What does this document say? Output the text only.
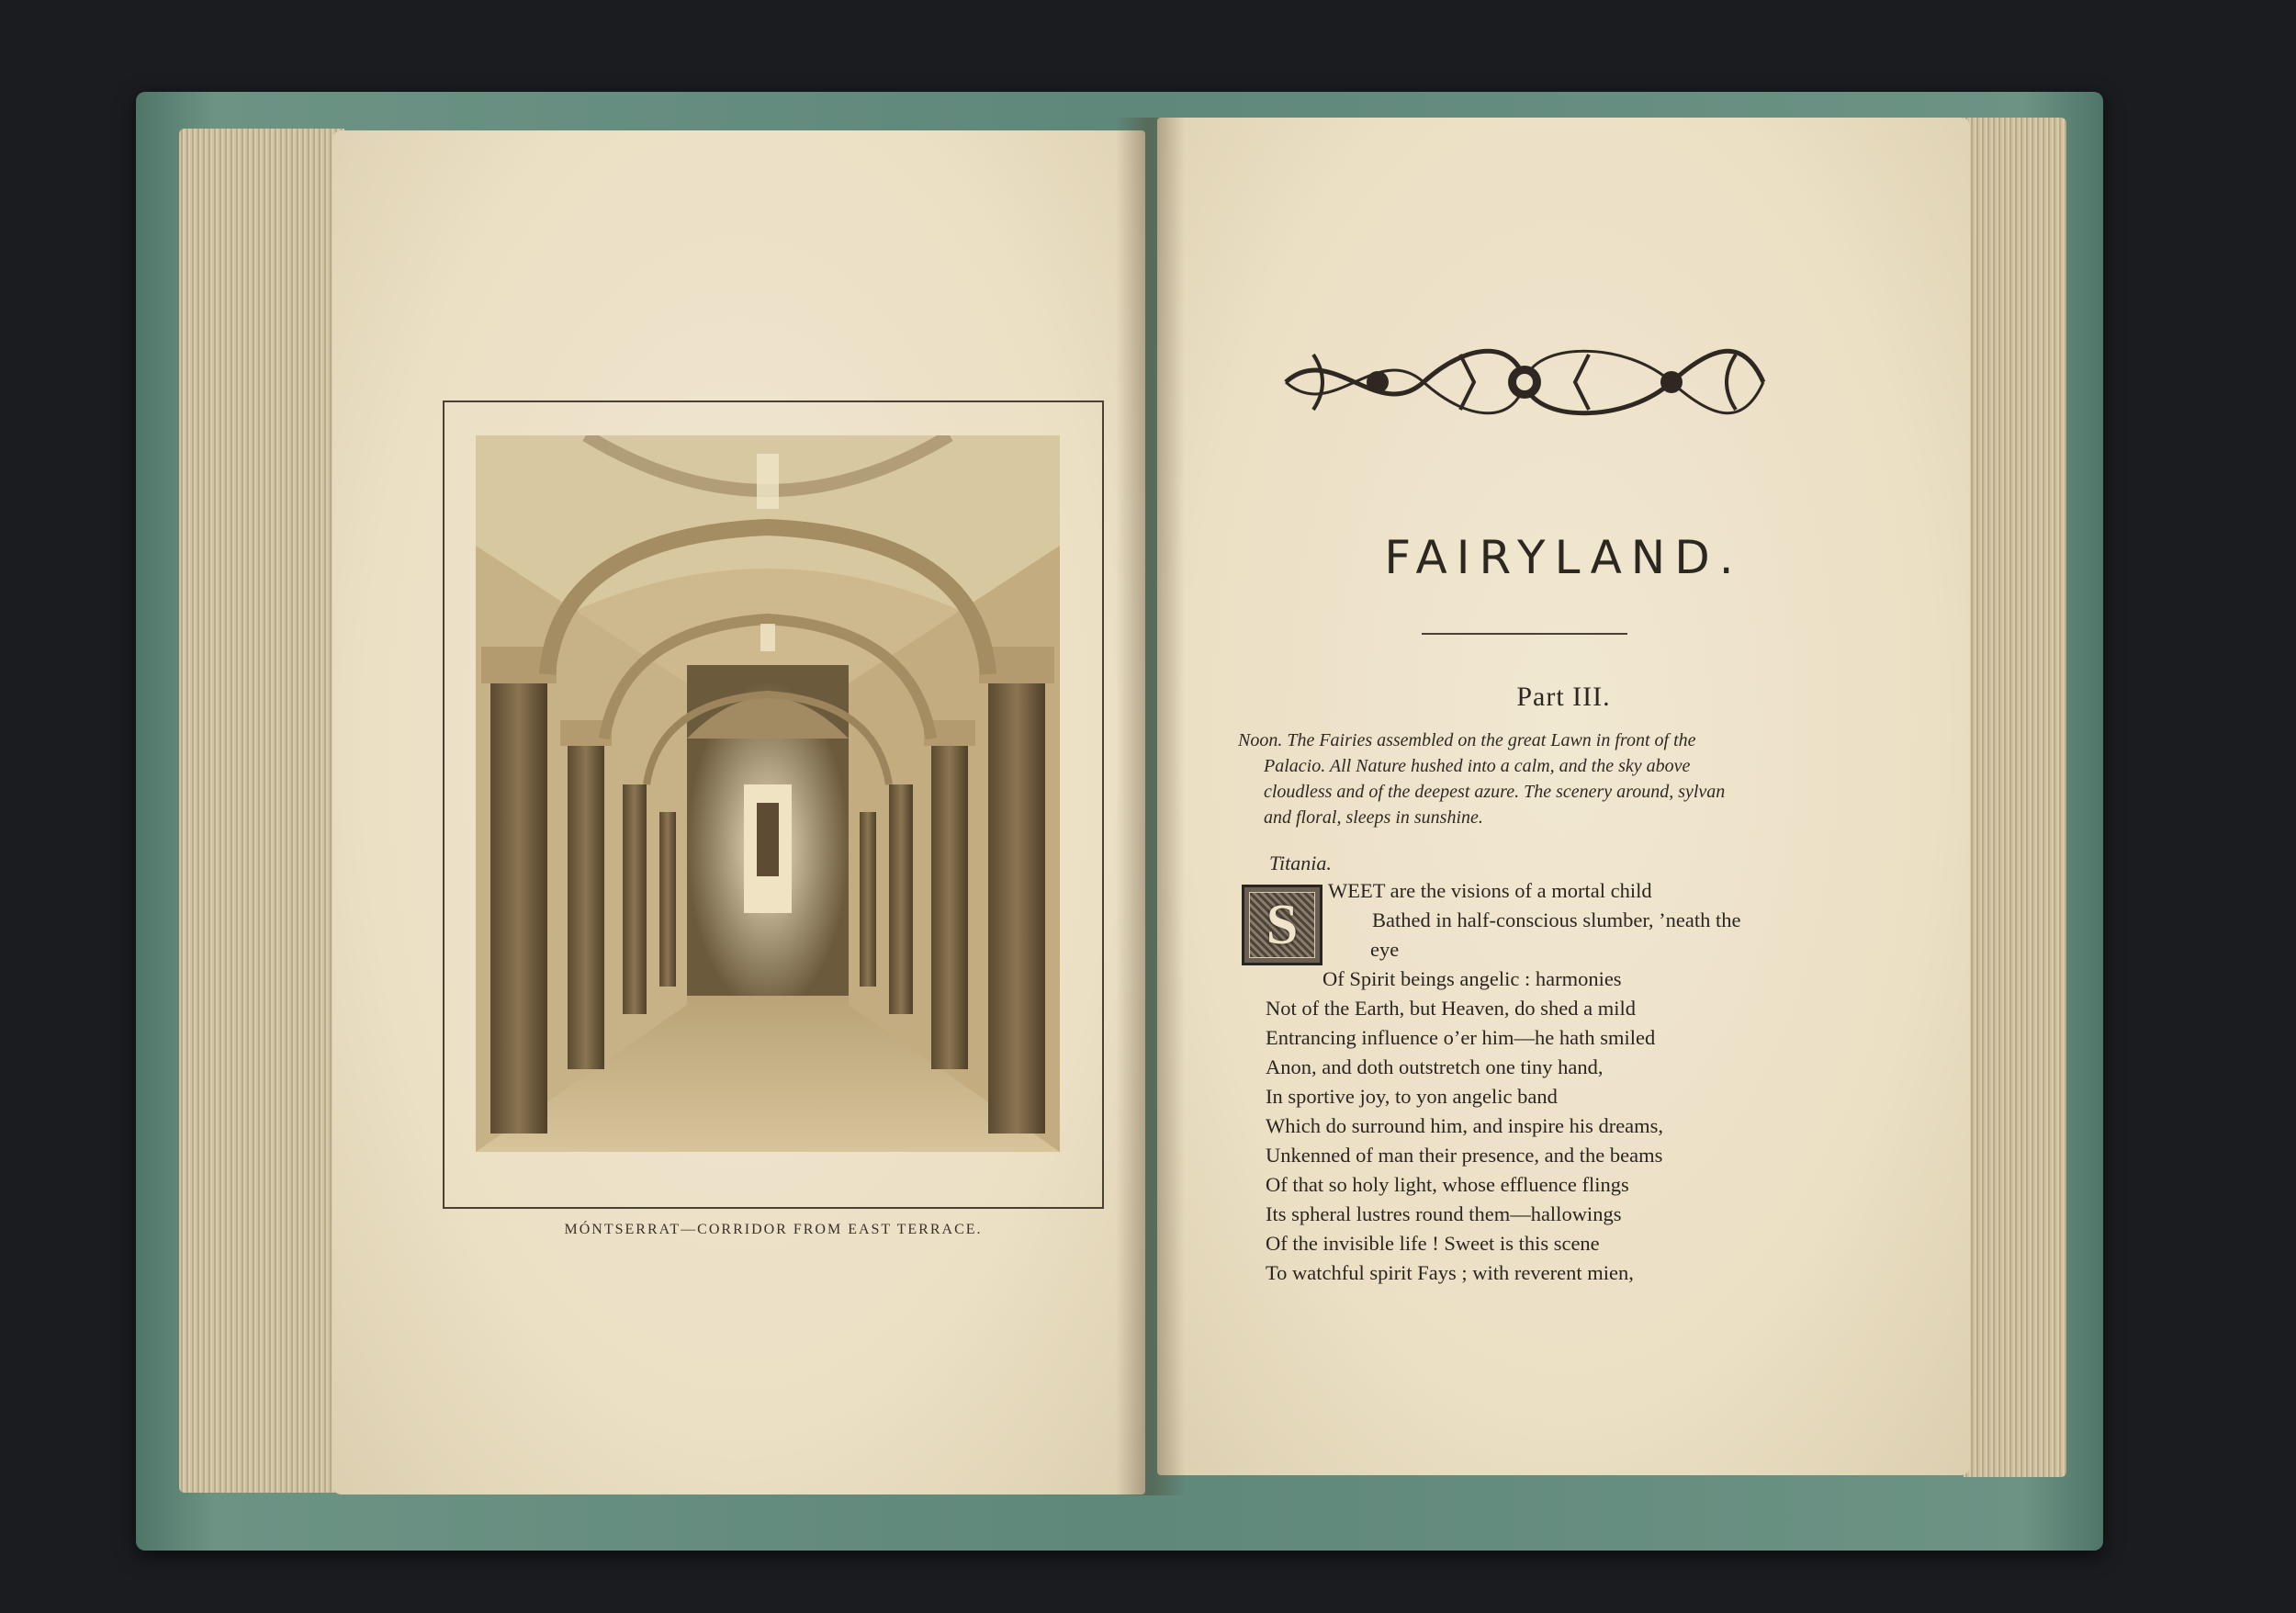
MÓNTSERRAT—CORRIDOR FROM EAST TERRACE.
FAIRYLAND.
Part III.
Noon. The Fairies assembled on the great Lawn in front of the
Palacio. All Nature hushed into a calm, and the sky above
cloudless and of the deepest azure. The scenery around, sylvan
and floral, sleeps in sunshine.
Titania.
S
WEET are the visions of a mortal child
Bathed in half-conscious slumber, ’neath the
eye
Of Spirit beings angelic : harmonies
Not of the Earth, but Heaven, do shed a mild
Entrancing influence o’er him—he hath smiled
Anon, and doth outstretch one tiny hand,
In sportive joy, to yon angelic band
Which do surround him, and inspire his dreams,
Unkenned of man their presence, and the beams
Of that so holy light, whose effluence flings
Its spheral lustres round them—hallowings
Of the invisible life ! Sweet is this scene
To watchful spirit Fays ; with reverent mien,
